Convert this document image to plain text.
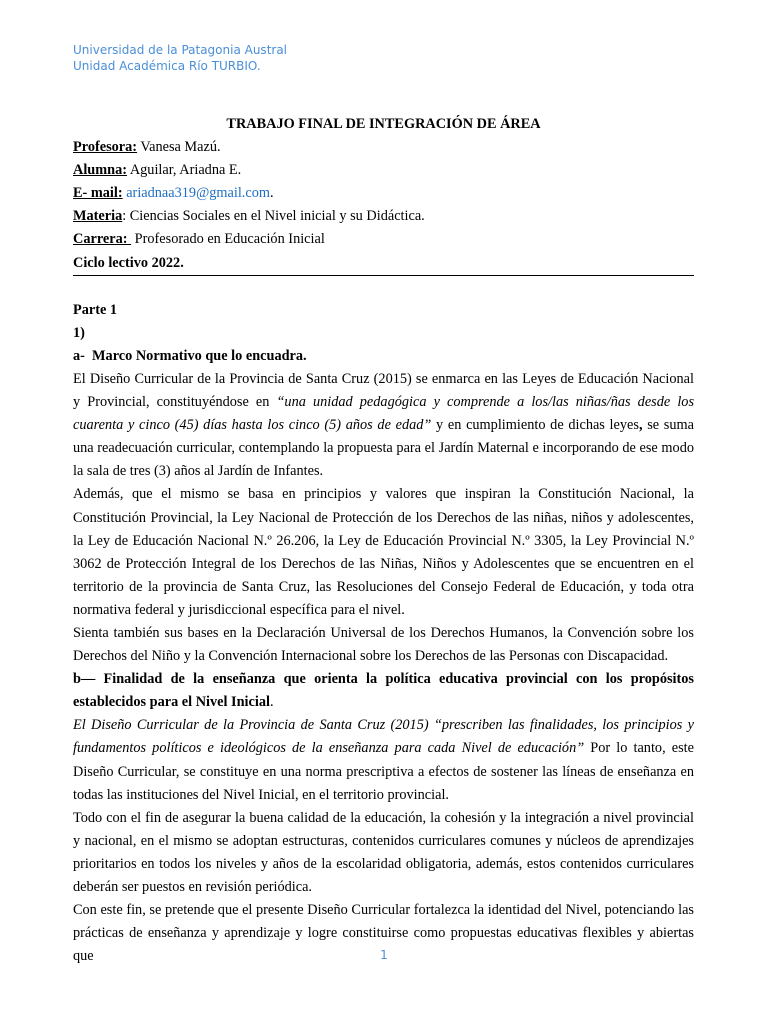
Universidad de la Patagonia Austral
Unidad Académica Río TURBIO.
TRABAJO FINAL DE INTEGRACIÓN DE ÁREA
Profesora: Vanesa Mazú.
Alumna: Aguilar, Ariadna E.
E- mail: ariadnaa319@gmail.com.
Materia: Ciencias Sociales en el Nivel inicial y su Didáctica.
Carrera:  Profesorado en Educación Inicial
Ciclo lectivo 2022.
Parte 1
1)
a-  Marco Normativo que lo encuadra.

El Diseño Curricular de la Provincia de Santa Cruz (2015) se enmarca en las Leyes de Educación Nacional y Provincial, constituyéndose en “una unidad pedagógica y comprende a los/las niñas/ñas desde los cuarenta y cinco (45) días hasta los cinco (5) años de edad” y en cumplimiento de dichas leyes, se suma una readecuación curricular, contemplando la propuesta para el Jardín Maternal e incorporando de ese modo la sala de tres (3) años al Jardín de Infantes.

Además, que el mismo se basa en principios y valores que inspiran la Constitución Nacional, la Constitución Provincial, la Ley Nacional de Protección de los Derechos de las niñas, niños y adolescentes, la Ley de Educación Nacional N.º 26.206, la Ley de Educación Provincial N.º 3305, la Ley Provincial N.º 3062 de Protección Integral de los Derechos de las Niñas, Niños y Adolescentes que se encuentren en el territorio de la provincia de Santa Cruz, las Resoluciones del Consejo Federal de Educación, y toda otra normativa federal y jurisdiccional específica para el nivel.

Sienta también sus bases en la Declaración Universal de los Derechos Humanos, la Convención sobre los Derechos del Niño y la Convención Internacional sobre los Derechos de las Personas con Discapacidad.

b— Finalidad de la enseñanza que orienta la política educativa provincial con los propósitos establecidos para el Nivel Inicial.

El Diseño Curricular de la Provincia de Santa Cruz (2015) “prescriben las finalidades, los principios y fundamentos políticos e ideológicos de la enseñanza para cada Nivel de educación” Por lo tanto, este Diseño Curricular, se constituye en una norma prescriptiva a efectos de sostener las líneas de enseñanza en todas las instituciones del Nivel Inicial, en el territorio provincial.

Todo con el fin de asegurar la buena calidad de la educación, la cohesión y la integración a nivel provincial y nacional, en el mismo se adoptan estructuras, contenidos curriculares comunes y núcleos de aprendizajes prioritarios en todos los niveles y años de la escolaridad obligatoria, además, estos contenidos curriculares deberán ser puestos en revisión periódica.

Con este fin, se pretende que el presente Diseño Curricular fortalezca la identidad del Nivel, potenciando las prácticas de enseñanza y aprendizaje y logre constituirse como propuestas educativas flexibles y abiertas que	1
